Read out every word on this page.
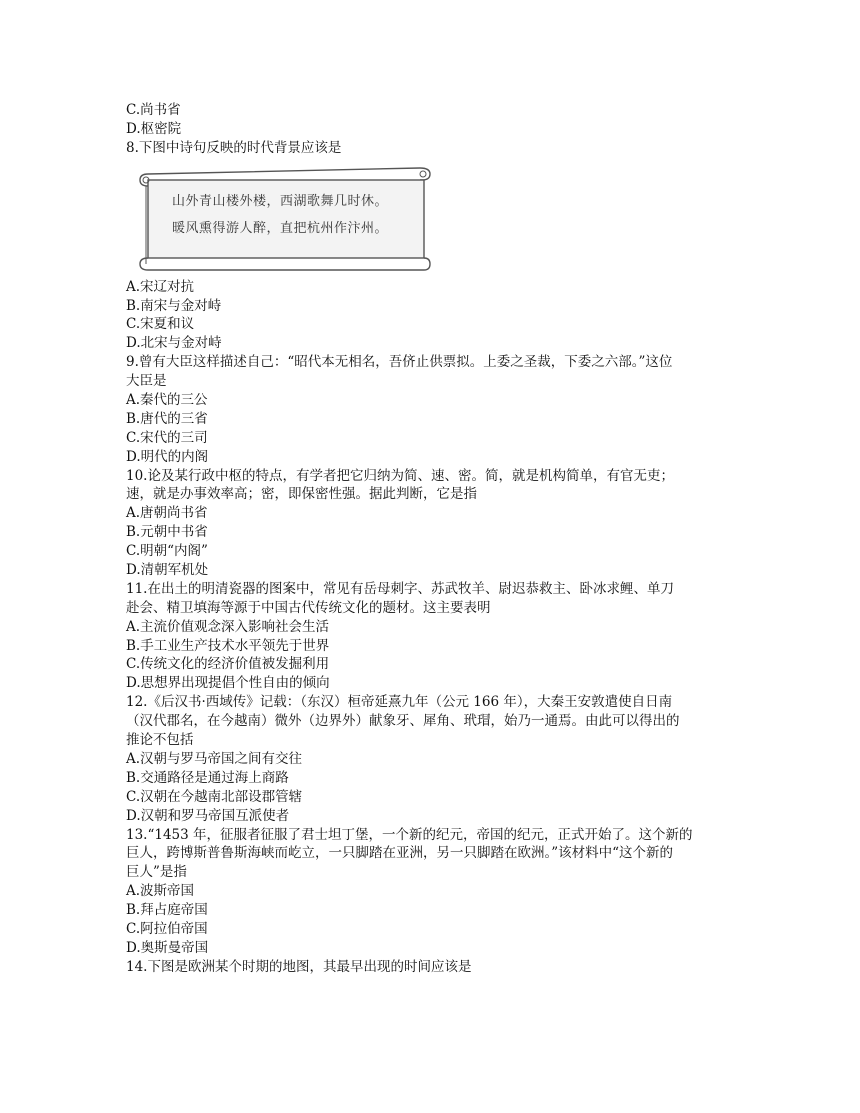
C.尚书省
D.枢密院
8.下图中诗句反映的时代背景应该是
山外青山楼外楼，西湖歌舞几时休。
暖风熏得游人醉，直把杭州作汴州。
A.宋辽对抗
B.南宋与金对峙
C.宋夏和议
D.北宋与金对峙
9.曾有大臣这样描述自己：“昭代本无相名，吾侪止供票拟。上委之圣裁，下委之六部。”这位
大臣是
A.秦代的三公
B.唐代的三省
C.宋代的三司
D.明代的内阁
10.论及某行政中枢的特点，有学者把它归纳为简、速、密。简，就是机构简单，有官无吏；
速，就是办事效率高；密，即保密性强。据此判断，它是指
A.唐朝尚书省
B.元朝中书省
C.明朝“内阁”
D.清朝军机处
11.在出土的明清瓷器的图案中，常见有岳母刺字、苏武牧羊、尉迟恭救主、卧冰求鲤、单刀
赴会、精卫填海等源于中国古代传统文化的题材。这主要表明
A.主流价值观念深入影响社会生活
B.手工业生产技术水平领先于世界
C.传统文化的经济价值被发掘利用
D.思想界出现提倡个性自由的倾向
12.《后汉书·西域传》记载：（东汉）桓帝延熹九年（公元 166 年），大秦王安敦遣使自日南
（汉代郡名，在今越南）微外（边界外）献象牙、犀角、玳瑁，始乃一通焉。由此可以得出的
推论不包括
A.汉朝与罗马帝国之间有交往
B.交通路径是通过海上商路
C.汉朝在今越南北部设郡管辖
D.汉朝和罗马帝国互派使者
13.“1453 年，征服者征服了君士坦丁堡，一个新的纪元，帝国的纪元，正式开始了。这个新的
巨人，跨博斯普鲁斯海峡而屹立，一只脚踏在亚洲，另一只脚踏在欧洲。”该材料中“这个新的
巨人”是指
A.波斯帝国
B.拜占庭帝国
C.阿拉伯帝国
D.奥斯曼帝国
14.下图是欧洲某个时期的地图，其最早出现的时间应该是
